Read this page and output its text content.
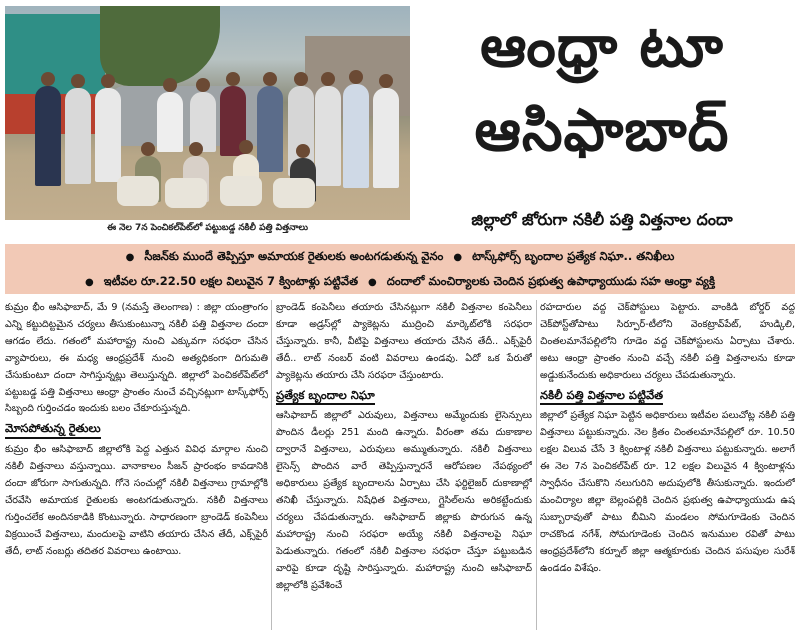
ఈ నెల 7న పెంచికల్‌పేట్‌లో పట్టుబడ్డ నకిలీ పత్తి విత్తనాలు
ఆంధ్రా టూ
ఆసిఫాబాద్
జిల్లాలో జోరుగా నకిలీ పత్తి విత్తనాల దందా
● సీజన్‌కు ముందే తెప్పిస్తూ అమాయక రైతులకు అంటగడుతున్న వైనం ● టాస్క్‌ఫోర్స్ బృందాల ప్రత్యేక నిఘా.. తనిఖీలు
● ఇటీవల రూ.22.50 లక్షల విలువైన 7 క్వింటాళ్లు పట్టివేత ● దందాలో మంచిర్యాలకు చెందిన ప్రభుత్వ ఉపాధ్యాయుడు సహ ఆంధ్రా వ్యక్తి

కుమ్రం భీం ఆసిఫాబాద్, మే 9 (నమస్తే తెలంగాణ) : జిల్లా యంత్రాంగం ఎన్ని కట్టుదిట్టమైన చర్యలు తీసుకుంటున్నా నకిలీ పత్తి విత్తనాల దందా ఆగడం లేదు. గతంలో మహారాష్ట్ర నుంచి ఎక్కువగా సరఫరా చేసిన వ్యాపారులు, ఈ మధ్య ఆంధ్రప్రదేశ్ నుంచి అత్యధికంగా దిగుమతి చేసుకుంటూ దందా సాగిస్తున్నట్లు తెలుస్తున్నది. జిల్లాలో పెంచికల్‌పేట్‌లో పట్టుబడ్డ పత్తి విత్తనాలు ఆంధ్రా ప్రాంతం నుంచే వచ్చినట్లుగా టాస్క్‌ఫోర్స్ సిబ్బంది గుర్తించడం ఇందుకు బలం చేకూరుస్తున్నది.

మోసపోతున్న రైతులు

కుమ్రం భీం ఆసిఫాబాద్ జిల్లాలోకి పెద్ద ఎత్తున వివిధ మార్గాల నుంచి నకిలీ విత్తనాలు వస్తున్నాయి. వానాకాలం సీజన్ ప్రారంభం కావడానికి దందా జోరుగా సాగుతున్నది. గోనె సంచుల్లో నకిలీ విత్తనాలు గ్రామాల్లోకి చేరవేసి అమాయక రైతులకు అంటగడుతున్నారు. నకిలీ విత్తనాలు గుర్తించలేక అందినకాడికి కొంటున్నారు. సాధారణంగా బ్రాండెడ్ కంపెనీలు విక్రయించే విత్తనాలు, మందులపై వాటిని తయారు చేసిన తేదీ, ఎక్స్‌పైరీ తేదీ, లాట్ నంబర్లు తదితర వివరాలు ఉంటాయి.

బ్రాండెడ్ కంపెనీలు తయారు చేసినట్లుగా నకిలీ విత్తనాల కంపెనీలు కూడా అడ్రస్‌ల్లో ప్యాకెట్లను ముద్రించి మార్కెట్‌లోకి సరఫరా చేస్తున్నారు. కానీ, వీటిపై విత్తనాలు తయారు చేసిన తేదీ.. ఎక్స్‌పైరీ తేదీ.. లాట్ నంబర్ వంటి వివరాలు ఉండవు. ఏదో ఒక పేరుతో ప్యాకెట్లను తయారు చేసి సరఫరా చేస్తుంటారు.

ప్రత్యేక బృందాల నిఘా

ఆసిఫాబాద్ జిల్లాలో ఎరువులు, విత్తనాలు అమ్మేందుకు లైసెన్సులు పొందిన డీలర్లు 251 మంది ఉన్నారు. వీరంతా తమ దుకాణాల ద్వారానే విత్తనాలు, ఎరువులు అమ్ముతున్నారు. నకిలీ విత్తనాలు లైసెన్స్ పొందిన వారే తెప్పిస్తున్నారనే ఆరోపణల నేపథ్యంలో అధికారులు ప్రత్యేక బృందాలను ఏర్పాటు చేసి ఫర్టిలైజర్ దుకాణాల్లో తనిఖీ చేస్తున్నారు. నిషేధిత విత్తనాలు, గ్లైసిల్‌లను అరికట్టేందుకు చర్యలు చేపడుతున్నారు. ఆసిఫాబాద్ జిల్లాకు పొరుగున ఉన్న మహారాష్ట్ర నుంచి సరఫరా అయ్యే నకిలీ విత్తనాలపై నిఘా పెడుతున్నారు. గతంలో నకిలీ విత్తనాల సరఫరా చేస్తూ పట్టుబడిన వారిపై కూడా దృష్టి సారిస్తున్నారు. మహారాష్ట్ర నుంచి ఆసిఫాబాద్ జిల్లాలోకి ప్రవేశించే

రహదారుల వద్ద చెక్‌పోస్టులు పెట్టారు. వాంకిడి బోర్డర్ వద్ద చెక్‌పోస్ట్‌తోపాటు సిర్పూర్-టీలోని వెంకట్రావ్‌పేట్, హుడ్కిలి, చింతలమానేపల్లిలోని గూడెం వద్ద చెక్‌పోస్టులను ఏర్పాటు చేశారు. అటు ఆంధ్రా ప్రాంతం నుంచి వచ్చే నకిలీ పత్తి విత్తనాలను కూడా అడ్డుకునేందుకు అధికారులు చర్యలు చేపడుతున్నారు.

నకిలీ పత్తి విత్తనాల పట్టివేత

జిల్లాలో ప్రత్యేక నిఘా పెట్టిన అధికారులు ఇటీవల పలుచోట్ల నకిలీ పత్తి విత్తనాలు పట్టుకున్నారు. నెల క్రితం చింతలమానేపల్లిలో రూ. 10.50 లక్షల విలువ చేసే 3 క్వింటాళ్ల నకిలీ విత్తనాలు పట్టుకున్నారు. అలాగే ఈ నెల 7న పెంచికల్‌పేట్ రూ. 12 లక్షల విలువైన 4 క్వింటాళ్లను స్వాధీనం చేసుకొని నలుగురిని అదుపులోకి తీసుకున్నారు. ఇందులో మంచిర్యాల జిల్లా బెల్లంపల్లికి చెందిన ప్రభుత్వ ఉపాధ్యాయుడు ఉష సుబ్బారావుతో పాటు బీమిని మండలం సోమగూడెంకు చెందిన రాచకొండ నగేశ్, సోమగూడెంకు చెందిన ఇనుముల రవితో పాటు ఆంధ్రప్రదేశ్‌లోని కర్నూల్ జిల్లా ఆత్మకూరుకు చెందిన పసుపుల సురేశ్ ఉండడం విశేషం.
